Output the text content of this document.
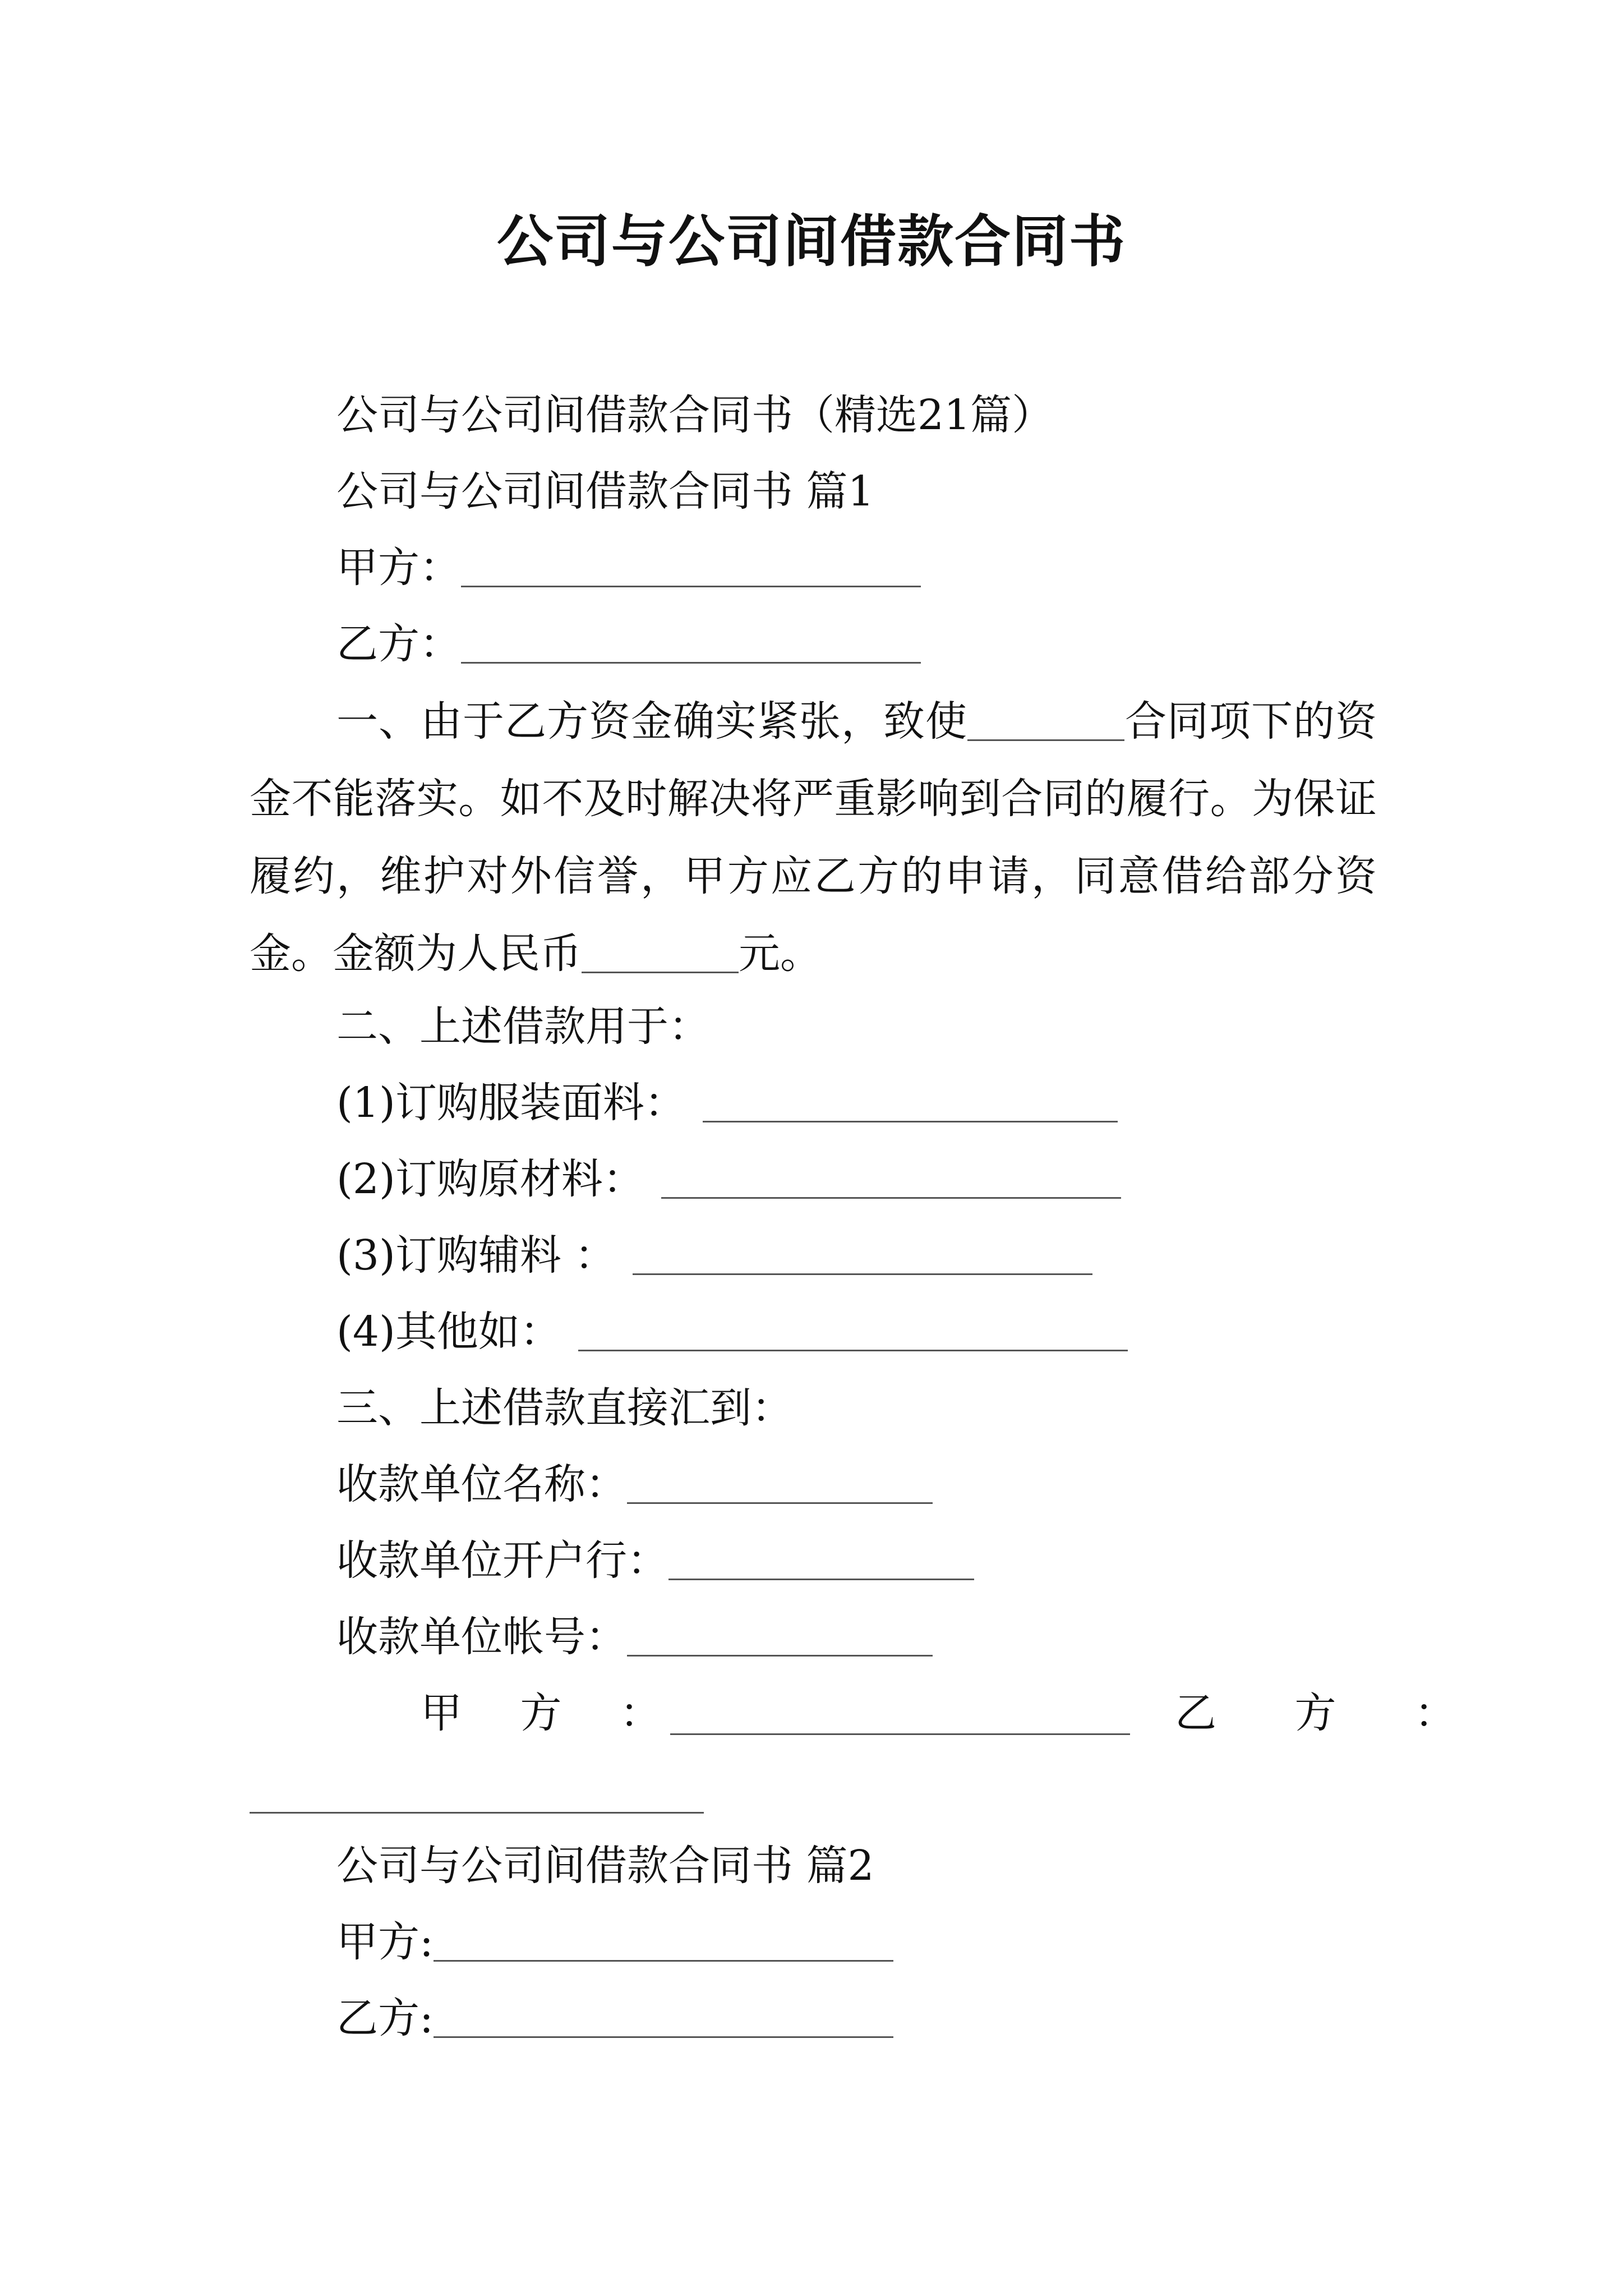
公司与公司间借款合同书
公司与公司间借款合同书（精选21篇）
公司与公司间借款合同书 篇1
甲方：
乙方：
一、由于乙方资金确实紧张，致使	合同项下的资金不能落实。如不及时解决将严重影响到合同的履行。为保证履约，维护对外信誉，甲方应乙方的申请，同意借给部分资金。金额为人民币	元。
二、上述借款用于：
(1)订购服装面料：
(2)订购原材料：
(3)订购辅料 ：
(4)其他如：
三、上述借款直接汇到：
收款单位名称：
收款单位开户行：
收款单位帐号：
甲 方 ：	乙 方 ：
公司与公司间借款合同书 篇2
甲方:
乙方:
